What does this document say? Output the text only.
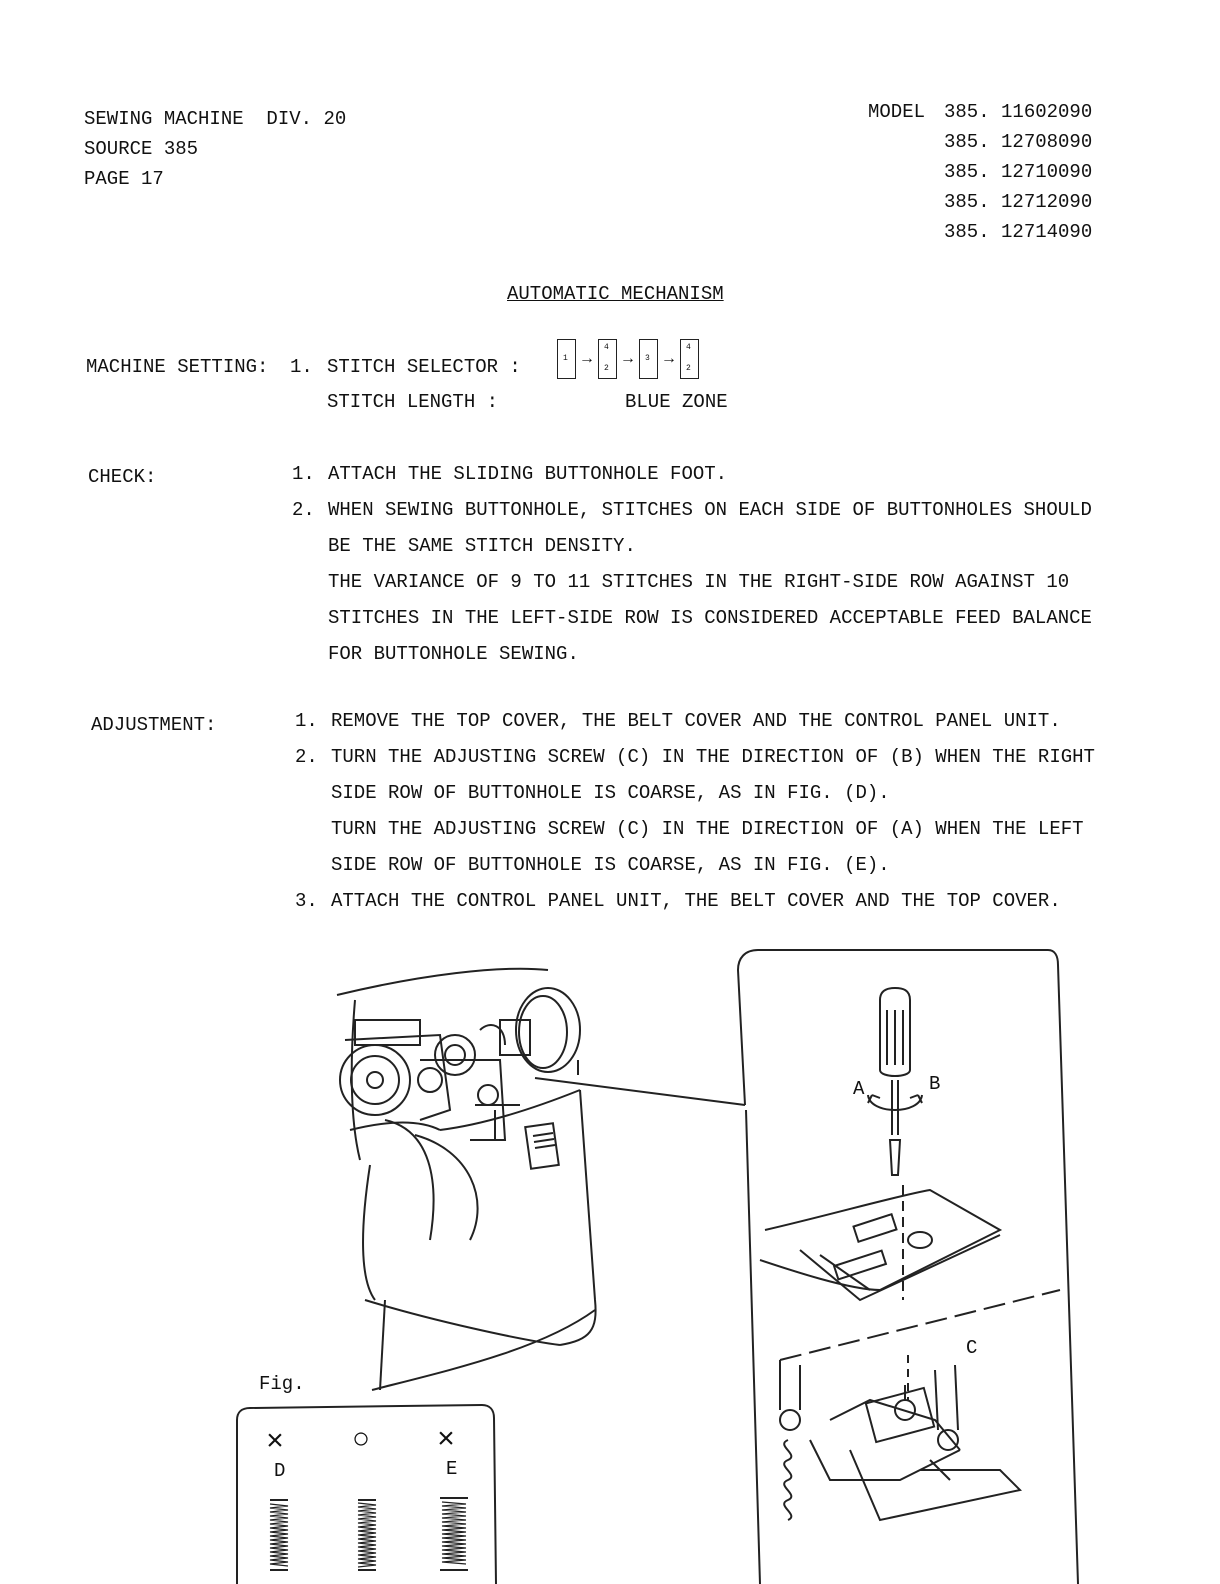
SEWING MACHINE  DIV. 20
SOURCE 385
PAGE 17
MODEL 385. 11602090
385. 12708090
385. 12710090
385. 12712090
385. 12714090
AUTOMATIC MECHANISM
MACHINE SETTING: 1. STITCH SELECTOR :	1 →
4
2
→ 3 →
4
2
STITCH LENGTH :	BLUE ZONE
CHECK:	1. ATTACH THE SLIDING BUTTONHOLE FOOT.
2. WHEN SEWING BUTTONHOLE, STITCHES ON EACH SIDE OF BUTTONHOLES SHOULD
BE THE SAME STITCH DENSITY.
THE VARIANCE OF 9 TO 11 STITCHES IN THE RIGHT-SIDE ROW AGAINST 10
STITCHES IN THE LEFT-SIDE ROW IS CONSIDERED ACCEPTABLE FEED BALANCE
FOR BUTTONHOLE SEWING.
ADJUSTMENT:	1. REMOVE THE TOP COVER, THE BELT COVER AND THE CONTROL PANEL UNIT.
2. TURN THE ADJUSTING SCREW (C) IN THE DIRECTION OF (B) WHEN THE RIGHT
SIDE ROW OF BUTTONHOLE IS COARSE, AS IN FIG. (D).
TURN THE ADJUSTING SCREW (C) IN THE DIRECTION OF (A) WHEN THE LEFT
SIDE ROW OF BUTTONHOLE IS COARSE, AS IN FIG. (E).
3. ATTACH THE CONTROL PANEL UNIT, THE BELT COVER AND THE TOP COVER.
A	B
C
Fig.
× ○ ×
D	E
